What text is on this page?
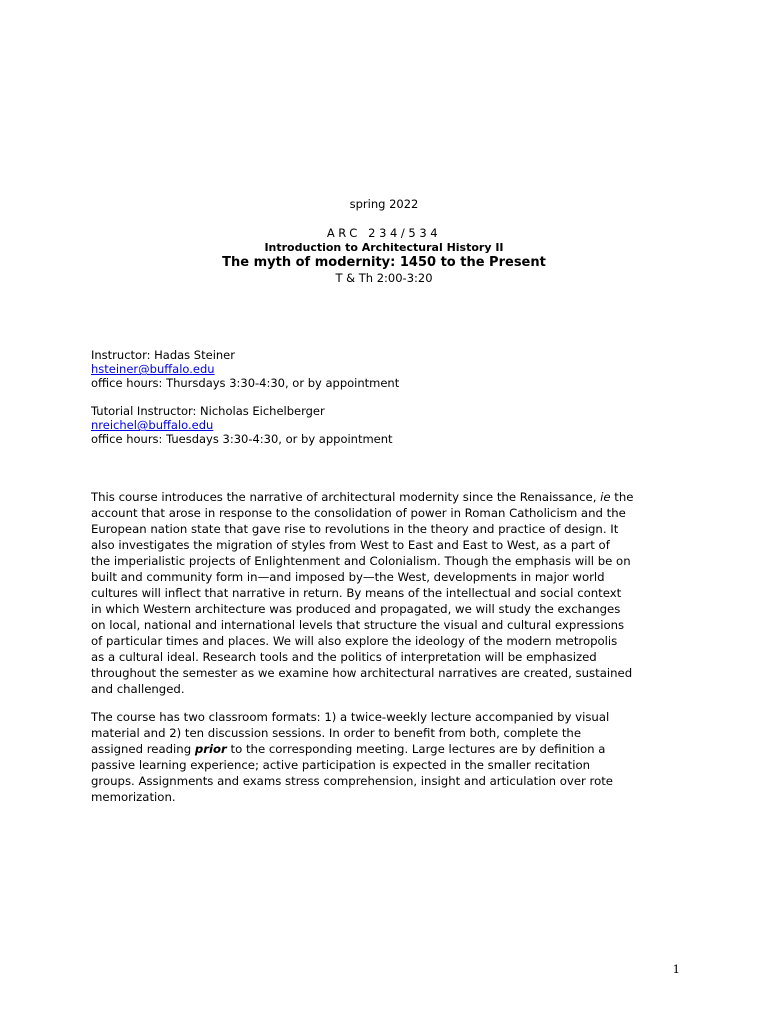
spring 2022
ARC 234/534
Introduction to Architectural History II
The myth of modernity: 1450 to the Present
T & Th 2:00-3:20
Instructor: Hadas Steiner
hsteiner@buffalo.edu
office hours: Thursdays 3:30-4:30, or by appointment
Tutorial Instructor: Nicholas Eichelberger
nreichel@buffalo.edu
office hours: Tuesdays 3:30-4:30, or by appointment
This course introduces the narrative of architectural modernity since the Renaissance, ie the
account that arose in response to the consolidation of power in Roman Catholicism and the
European nation state that gave rise to revolutions in the theory and practice of design. It
also investigates the migration of styles from West to East and East to West, as a part of
the imperialistic projects of Enlightenment and Colonialism. Though the emphasis will be on
built and community form in—and imposed by—the West, developments in major world
cultures will inflect that narrative in return. By means of the intellectual and social context
in which Western architecture was produced and propagated, we will study the exchanges
on local, national and international levels that structure the visual and cultural expressions
of particular times and places. We will also explore the ideology of the modern metropolis
as a cultural ideal. Research tools and the politics of interpretation will be emphasized
throughout the semester as we examine how architectural narratives are created, sustained
and challenged.
The course has two classroom formats: 1) a twice-weekly lecture accompanied by visual
material and 2) ten discussion sessions. In order to benefit from both, complete the
assigned reading prior to the corresponding meeting. Large lectures are by definition a
passive learning experience; active participation is expected in the smaller recitation
groups. Assignments and exams stress comprehension, insight and articulation over rote
memorization.
1
